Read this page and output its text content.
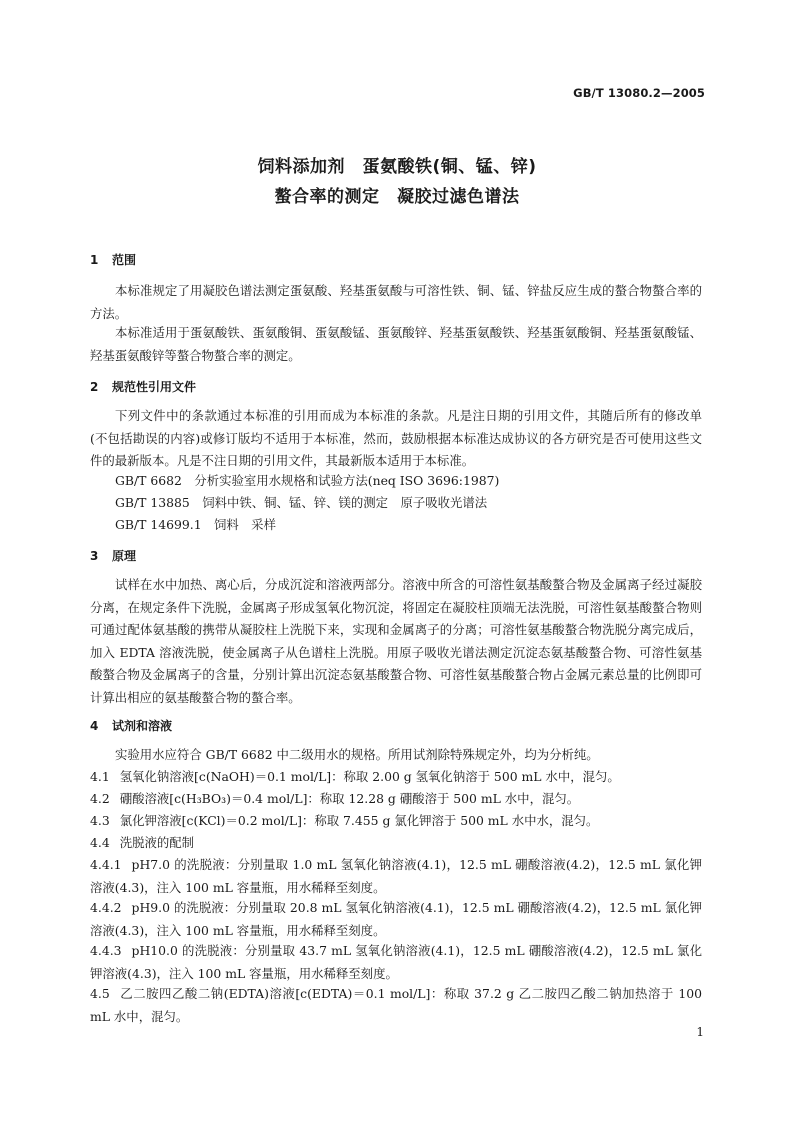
GB/T 13080.2—2005
饲料添加剂　蛋氨酸铁(铜、锰、锌)
螯合率的测定　凝胶过滤色谱法
1 范围

本标准规定了用凝胶色谱法测定蛋氨酸、羟基蛋氨酸与可溶性铁、铜、锰、锌盐反应生成的螯合物螯合率的方法。

本标准适用于蛋氨酸铁、蛋氨酸铜、蛋氨酸锰、蛋氨酸锌、羟基蛋氨酸铁、羟基蛋氨酸铜、羟基蛋氨酸锰、羟基蛋氨酸锌等螯合物螯合率的测定。

2 规范性引用文件

下列文件中的条款通过本标准的引用而成为本标准的条款。凡是注日期的引用文件，其随后所有的修改单(不包括勘误的内容)或修订版均不适用于本标准，然而，鼓励根据本标准达成协议的各方研究是否可使用这些文件的最新版本。凡是不注日期的引用文件，其最新版本适用于本标准。

GB/T 6682　分析实验室用水规格和试验方法(neq ISO 3696:1987)
GB/T 13885　饲料中铁、铜、锰、锌、镁的测定　原子吸收光谱法
GB/T 14699.1　饲料　采样
3 原理

试样在水中加热、离心后，分成沉淀和溶液两部分。溶液中所含的可溶性氨基酸螯合物及金属离子经过凝胶分离，在规定条件下洗脱，金属离子形成氢氧化物沉淀，将固定在凝胶柱顶端无法洗脱，可溶性氨基酸螯合物则可通过配体氨基酸的携带从凝胶柱上洗脱下来，实现和金属离子的分离；可溶性氨基酸螯合物洗脱分离完成后，加入 EDTA 溶液洗脱，使金属离子从色谱柱上洗脱。用原子吸收光谱法测定沉淀态氨基酸螯合物、可溶性氨基酸螯合物及金属离子的含量，分别计算出沉淀态氨基酸螯合物、可溶性氨基酸螯合物占金属元素总量的比例即可计算出相应的氨基酸螯合物的螯合率。

4 试剂和溶液

实验用水应符合 GB/T 6682 中二级用水的规格。所用试剂除特殊规定外，均为分析纯。

4.1 氢氧化钠溶液[c(NaOH)＝0.1 mol/L]：称取 2.00 g 氢氧化钠溶于 500 mL 水中，混匀。

4.2 硼酸溶液[c(H₃BO₃)＝0.4 mol/L]：称取 12.28 g 硼酸溶于 500 mL 水中，混匀。

4.3 氯化钾溶液[c(KCl)＝0.2 mol/L]：称取 7.455 g 氯化钾溶于 500 mL 水中水，混匀。

4.4 洗脱液的配制

4.4.1 pH7.0 的洗脱液：分别量取 1.0 mL 氢氧化钠溶液(4.1)，12.5 mL 硼酸溶液(4.2)，12.5 mL 氯化钾溶液(4.3)，注入 100 mL 容量瓶，用水稀释至刻度。

4.4.2 pH9.0 的洗脱液：分别量取 20.8 mL 氢氧化钠溶液(4.1)，12.5 mL 硼酸溶液(4.2)，12.5 mL 氯化钾溶液(4.3)，注入 100 mL 容量瓶，用水稀释至刻度。

4.4.3 pH10.0 的洗脱液：分别量取 43.7 mL 氢氧化钠溶液(4.1)，12.5 mL 硼酸溶液(4.2)，12.5 mL 氯化钾溶液(4.3)，注入 100 mL 容量瓶，用水稀释至刻度。

4.5 乙二胺四乙酸二钠(EDTA)溶液[c(EDTA)＝0.1 mol/L]：称取 37.2 g 乙二胺四乙酸二钠加热溶于 100 mL 水中，混匀。

1
